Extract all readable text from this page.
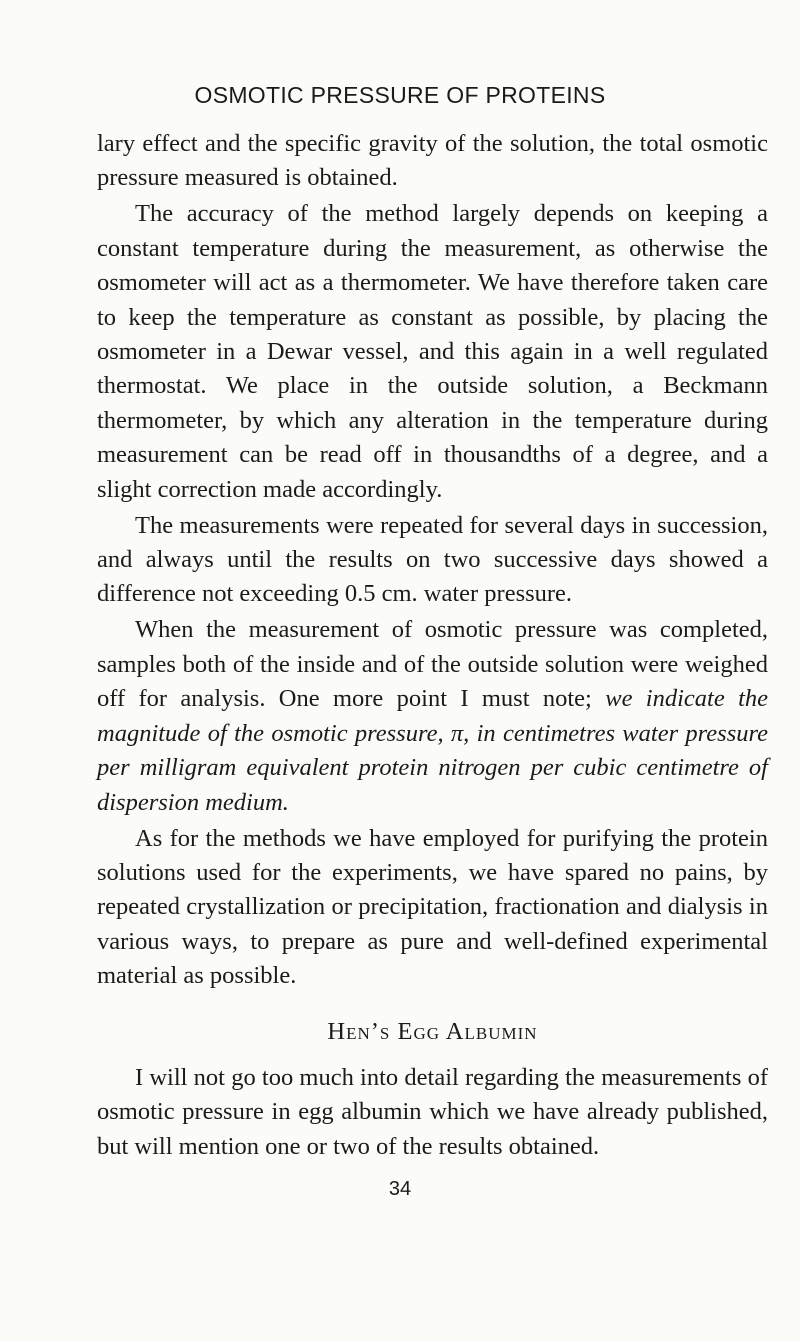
OSMOTIC PRESSURE OF PROTEINS

lary effect and the specific gravity of the solution, the total osmotic pressure measured is obtained.

The accuracy of the method largely depends on keeping a constant temperature during the measurement, as otherwise the osmometer will act as a thermometer. We have therefore taken care to keep the temperature as constant as possible, by placing the osmometer in a Dewar vessel, and this again in a well regulated thermostat. We place in the outside solution, a Beckmann thermometer, by which any alteration in the temperature during measurement can be read off in thousandths of a degree, and a slight correction made accordingly.

The measurements were repeated for several days in succession, and always until the results on two successive days showed a difference not exceeding 0.5 cm. water pressure.

When the measurement of osmotic pressure was completed, samples both of the inside and of the outside solution were weighed off for analysis. One more point I must note; we indicate the magnitude of the osmotic pressure, π, in centimetres water pressure per milligram equivalent protein nitrogen per cubic centimetre of dispersion medium.

As for the methods we have employed for purifying the protein solutions used for the experiments, we have spared no pains, by repeated crystallization or precipitation, fractionation and dialysis in various ways, to prepare as pure and well-defined experimental material as possible.

Hen’s Egg Albumin

I will not go too much into detail regarding the measurements of osmotic pressure in egg albumin which we have already published, but will mention one or two of the results obtained.

34
